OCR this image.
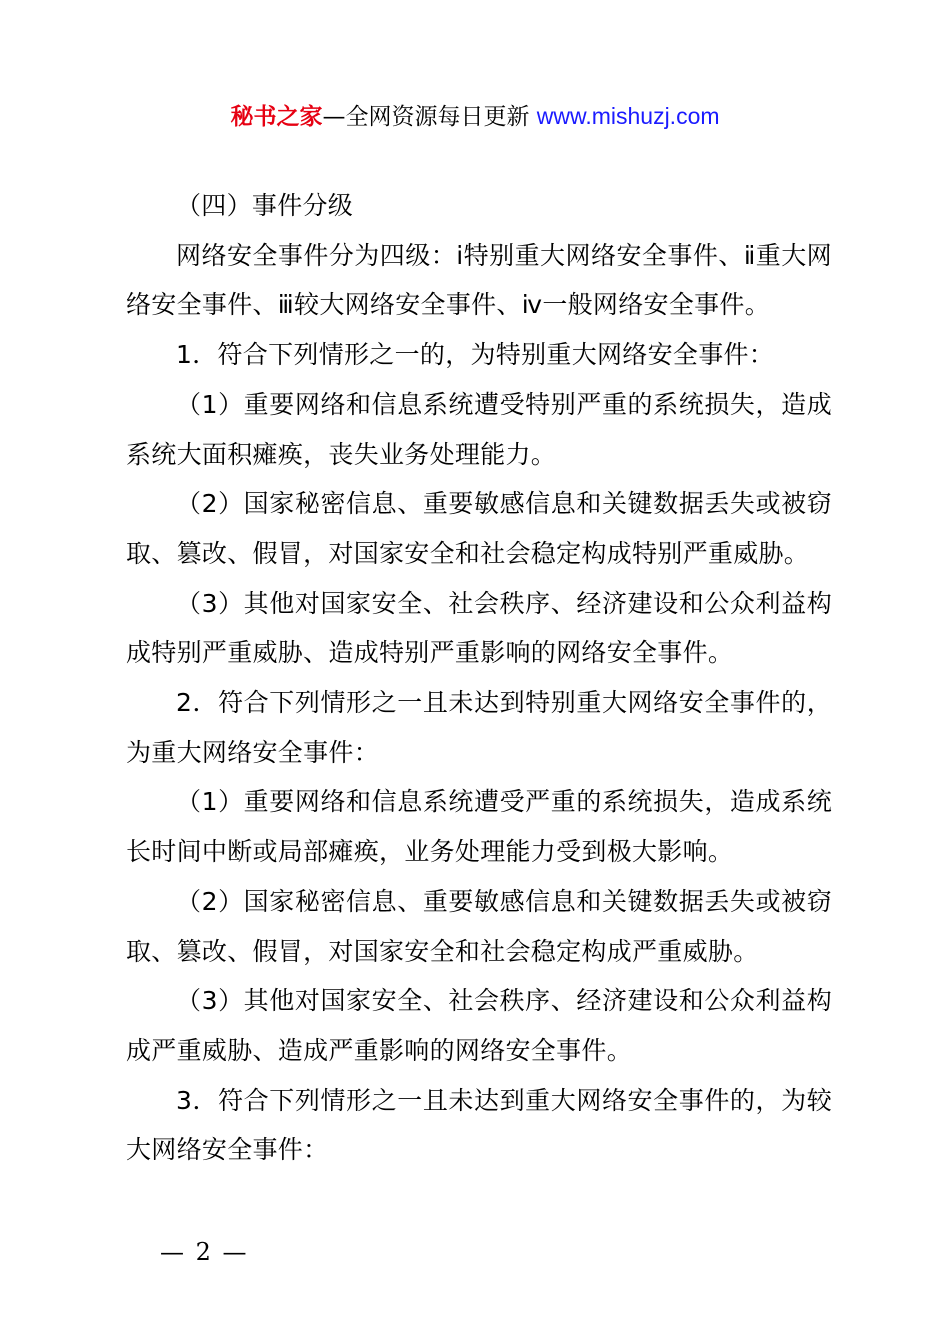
秘书之家—全网资源每日更新 www.mishuzj.com

（四）事件分级

网络安全事件分为四级：ⅰ特别重大网络安全事件、ⅱ重大网络安全事件、ⅲ较大网络安全事件、ⅳ一般网络安全事件。

1．符合下列情形之一的，为特别重大网络安全事件：

（1）重要网络和信息系统遭受特别严重的系统损失，造成系统大面积瘫痪，丧失业务处理能力。

（2）国家秘密信息、重要敏感信息和关键数据丢失或被窃取、篡改、假冒，对国家安全和社会稳定构成特别严重威胁。

（3）其他对国家安全、社会秩序、经济建设和公众利益构成特别严重威胁、造成特别严重影响的网络安全事件。

2．符合下列情形之一且未达到特别重大网络安全事件的，为重大网络安全事件：

（1）重要网络和信息系统遭受严重的系统损失，造成系统长时间中断或局部瘫痪，业务处理能力受到极大影响。

（2）国家秘密信息、重要敏感信息和关键数据丢失或被窃取、篡改、假冒，对国家安全和社会稳定构成严重威胁。

（3）其他对国家安全、社会秩序、经济建设和公众利益构成严重威胁、造成严重影响的网络安全事件。

3．符合下列情形之一且未达到重大网络安全事件的，为较大网络安全事件：

— 2 —
